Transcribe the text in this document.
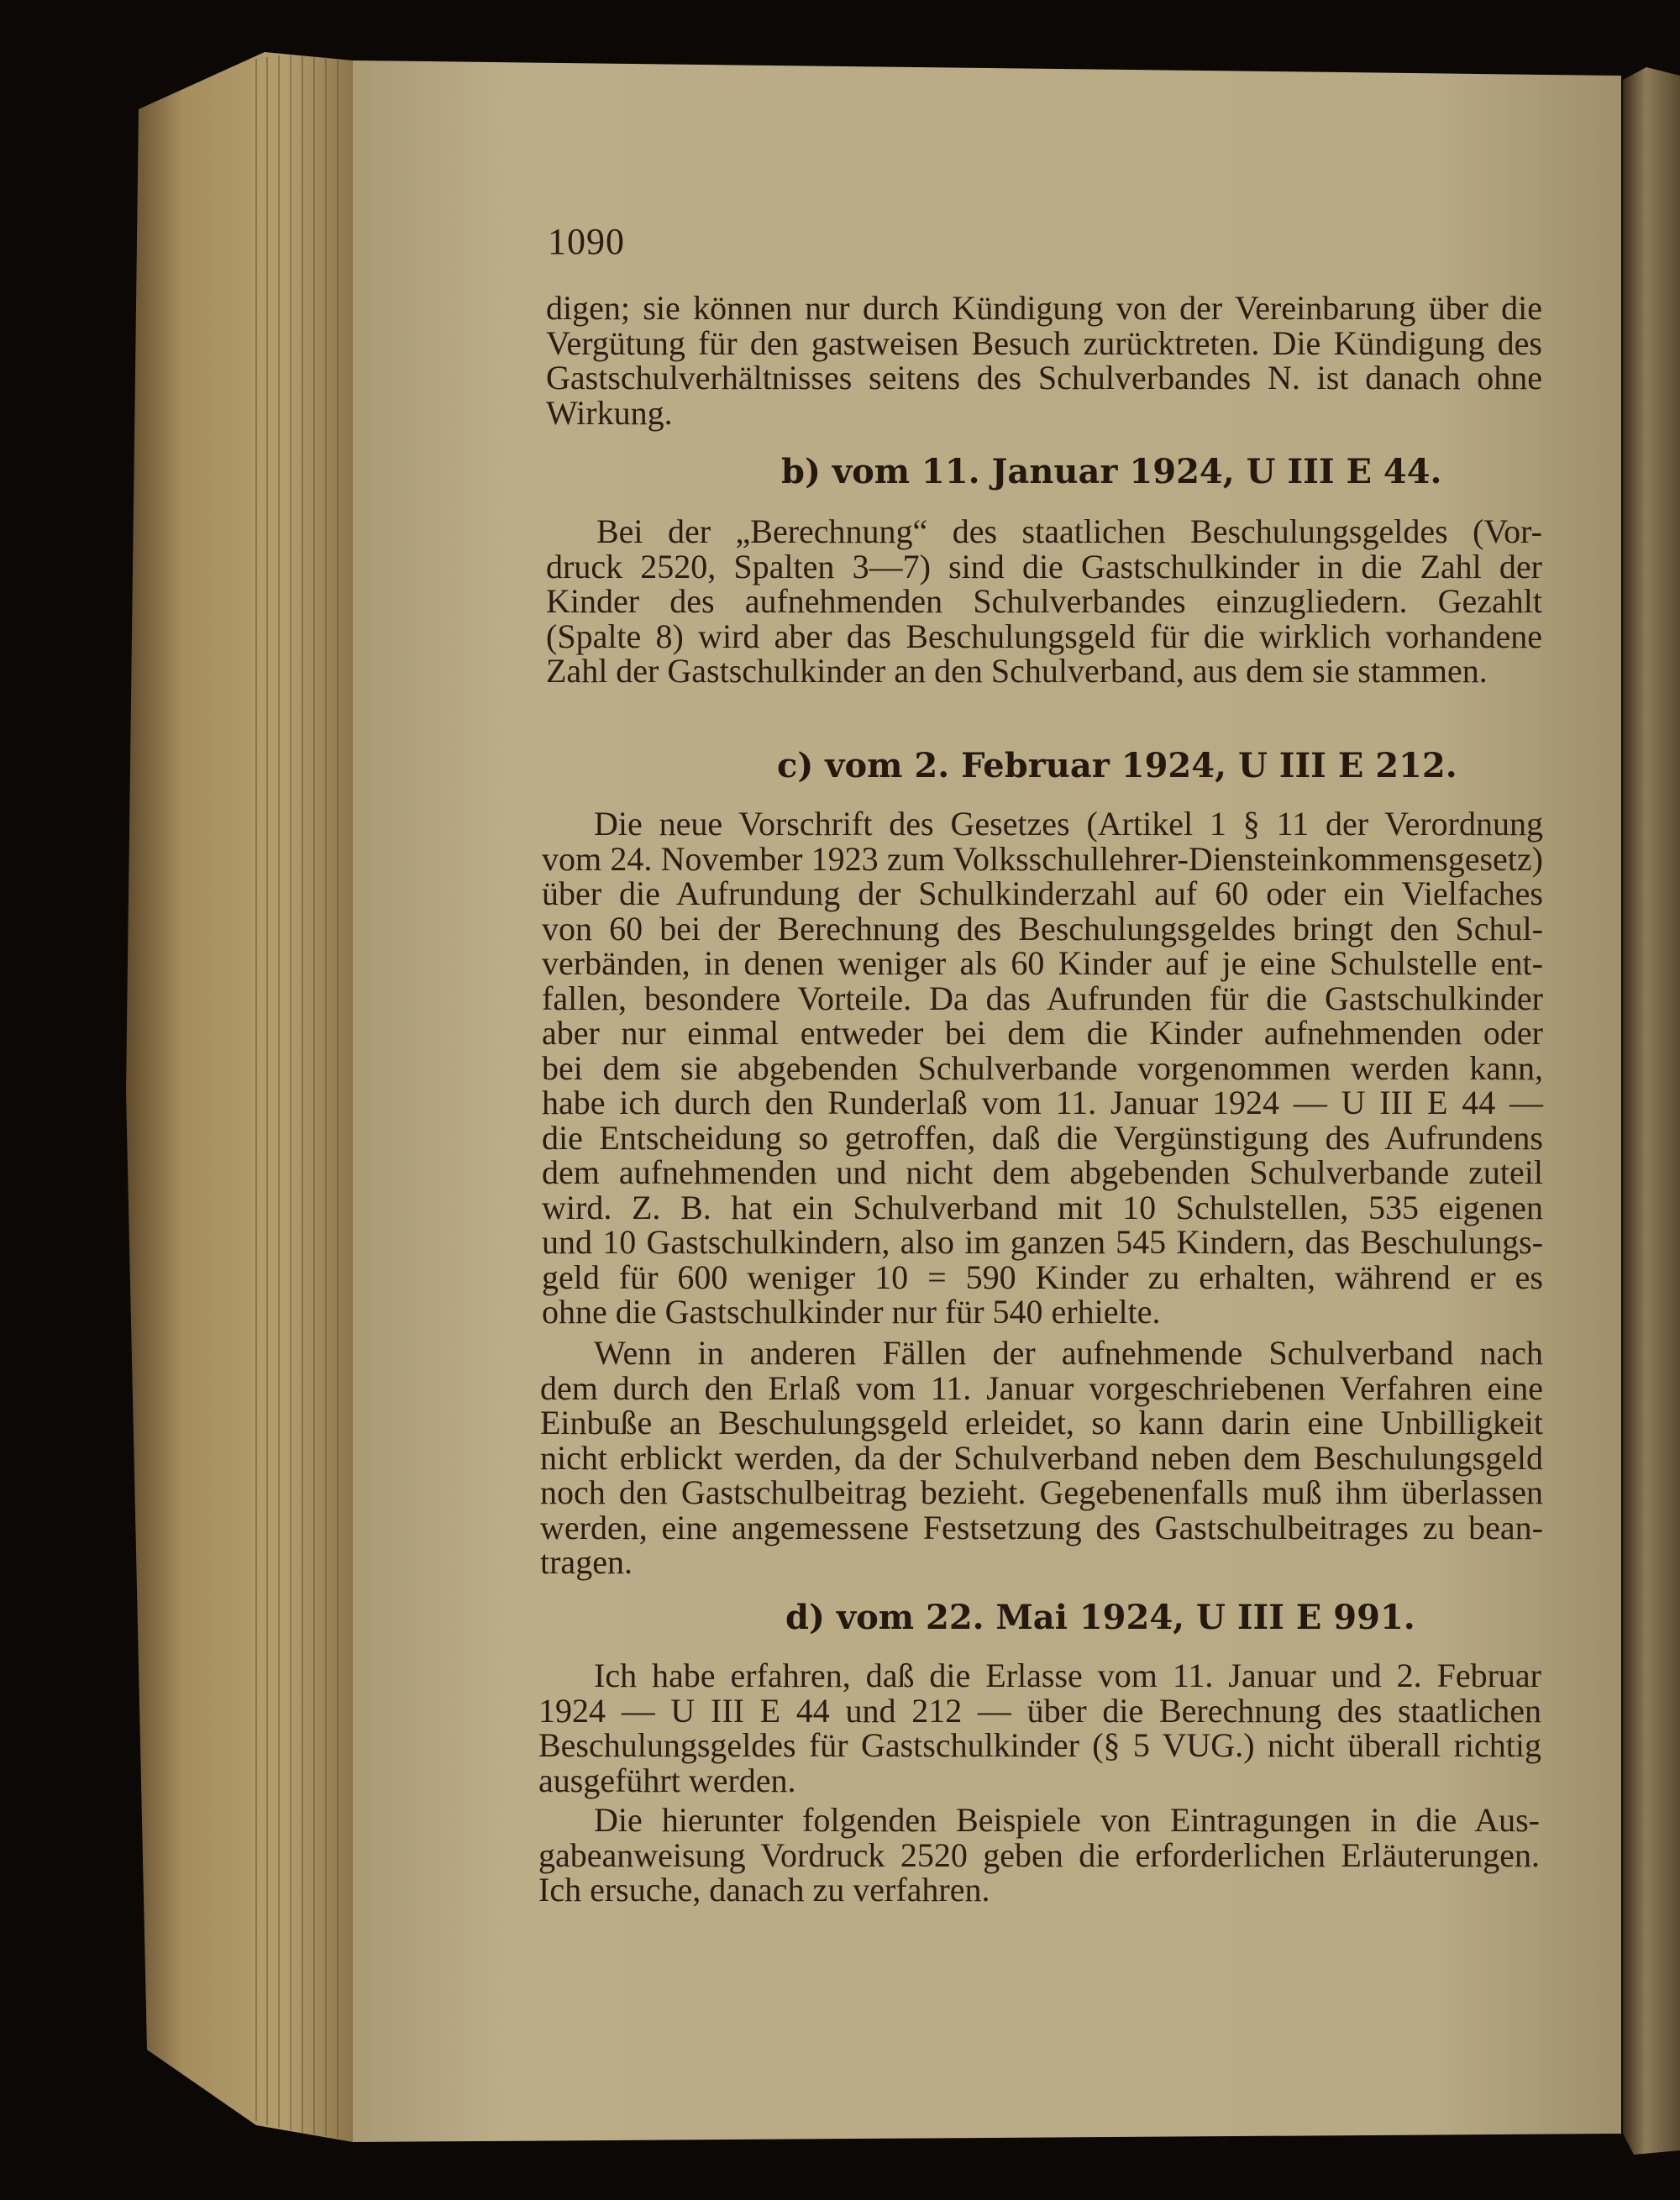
1090
digen; sie können nur durch Kündigung von der Vereinbarung über die
Vergütung für den gastweisen Besuch zurücktreten. Die Kündigung des
Gastschulverhältnisses seitens des Schulverbandes N. ist danach ohne
Wirkung.
b) vom 11. Januar 1924, U III E 44.
Bei der „Berechnung“ des staatlichen Beschulungsgeldes (Vor-
druck 2520, Spalten 3—7) sind die Gastschulkinder in die Zahl der
Kinder des aufnehmenden Schulverbandes einzugliedern. Gezahlt
(Spalte 8) wird aber das Beschulungsgeld für die wirklich vorhandene
Zahl der Gastschulkinder an den Schulverband, aus dem sie stammen.
c) vom 2. Februar 1924, U III E 212.
Die neue Vorschrift des Gesetzes (Artikel 1 § 11 der Verordnung
vom 24. November 1923 zum Volksschullehrer-Diensteinkommensgesetz)
über die Aufrundung der Schulkinderzahl auf 60 oder ein Vielfaches
von 60 bei der Berechnung des Beschulungsgeldes bringt den Schul-
verbänden, in denen weniger als 60 Kinder auf je eine Schulstelle ent-
fallen, besondere Vorteile. Da das Aufrunden für die Gastschulkinder
aber nur einmal entweder bei dem die Kinder aufnehmenden oder
bei dem sie abgebenden Schulverbande vorgenommen werden kann,
habe ich durch den Runderlaß vom 11. Januar 1924 — U III E 44 —
die Entscheidung so getroffen, daß die Vergünstigung des Aufrundens
dem aufnehmenden und nicht dem abgebenden Schulverbande zuteil
wird. Z. B. hat ein Schulverband mit 10 Schulstellen, 535 eigenen
und 10 Gastschulkindern, also im ganzen 545 Kindern, das Beschulungs-
geld für 600 weniger 10 = 590 Kinder zu erhalten, während er es
ohne die Gastschulkinder nur für 540 erhielte.
Wenn in anderen Fällen der aufnehmende Schulverband nach
dem durch den Erlaß vom 11. Januar vorgeschriebenen Verfahren eine
Einbuße an Beschulungsgeld erleidet, so kann darin eine Unbilligkeit
nicht erblickt werden, da der Schulverband neben dem Beschulungsgeld
noch den Gastschulbeitrag bezieht. Gegebenenfalls muß ihm überlassen
werden, eine angemessene Festsetzung des Gastschulbeitrages zu bean-
tragen.
d) vom 22. Mai 1924, U III E 991.
Ich habe erfahren, daß die Erlasse vom 11. Januar und 2. Februar
1924 — U III E 44 und 212 — über die Berechnung des staatlichen
Beschulungsgeldes für Gastschulkinder (§ 5 VUG.) nicht überall richtig
ausgeführt werden.
Die hierunter folgenden Beispiele von Eintragungen in die Aus-
gabeanweisung Vordruck 2520 geben die erforderlichen Erläuterungen.
Ich ersuche, danach zu verfahren.
